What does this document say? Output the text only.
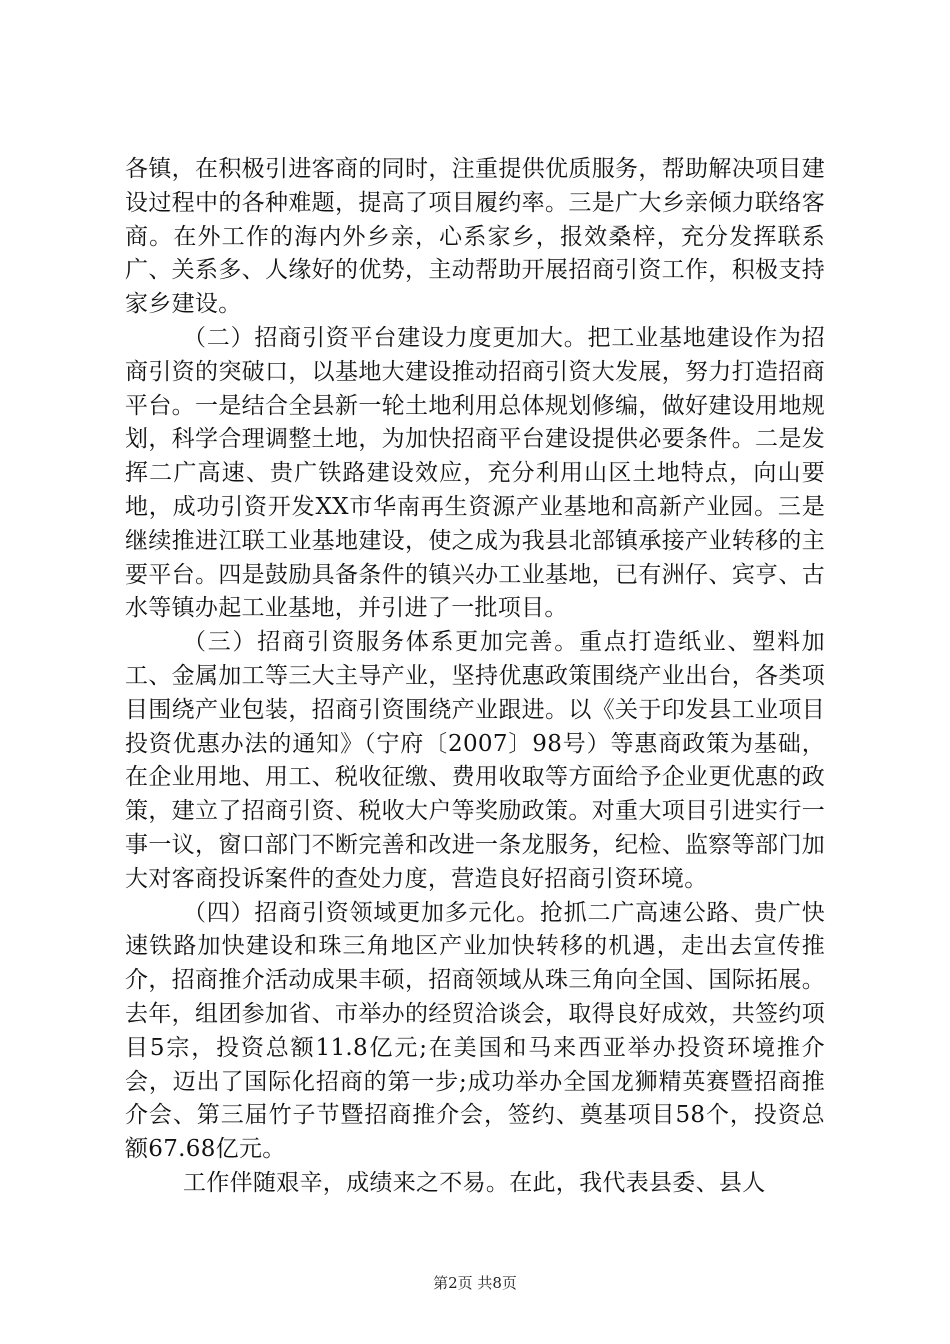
各镇，在积极引进客商的同时，注重提供优质服务，帮助解决项目建设过程中的各种难题，提高了项目履约率。三是广大乡亲倾力联络客商。在外工作的海内外乡亲，心系家乡，报效桑梓，充分发挥联系广、关系多、人缘好的优势，主动帮助开展招商引资工作，积极支持家乡建设。

（二）招商引资平台建设力度更加大。把工业基地建设作为招商引资的突破口，以基地大建设推动招商引资大发展，努力打造招商平台。一是结合全县新一轮土地利用总体规划修编，做好建设用地规划，科学合理调整土地，为加快招商平台建设提供必要条件。二是发挥二广高速、贵广铁路建设效应，充分利用山区土地特点，向山要地，成功引资开发XX市华南再生资源产业基地和高新产业园。三是继续推进江联工业基地建设，使之成为我县北部镇承接产业转移的主要平台。四是鼓励具备条件的镇兴办工业基地，已有洲仔、宾亨、古水等镇办起工业基地，并引进了一批项目。

（三）招商引资服务体系更加完善。重点打造纸业、塑料加工、金属加工等三大主导产业，坚持优惠政策围绕产业出台，各类项目围绕产业包装，招商引资围绕产业跟进。以《关于印发县工业项目投资优惠办法的通知》（宁府〔2007〕98号）等惠商政策为基础，在企业用地、用工、税收征缴、费用收取等方面给予企业更优惠的政策，建立了招商引资、税收大户等奖励政策。对重大项目引进实行一事一议，窗口部门不断完善和改进一条龙服务，纪检、监察等部门加大对客商投诉案件的查处力度，营造良好招商引资环境。

（四）招商引资领域更加多元化。抢抓二广高速公路、贵广快速铁路加快建设和珠三角地区产业加快转移的机遇，走出去宣传推介，招商推介活动成果丰硕，招商领域从珠三角向全国、国际拓展。去年，组团参加省、市举办的经贸洽谈会，取得良好成效，共签约项目5宗，投资总额11.8亿元;在美国和马来西亚举办投资环境推介会，迈出了国际化招商的第一步;成功举办全国龙狮精英赛暨招商推介会、第三届竹子节暨招商推介会，签约、奠基项目58个，投资总额67.68亿元。

工作伴随艰辛，成绩来之不易。在此，我代表县委、县人

第2页 共8页
